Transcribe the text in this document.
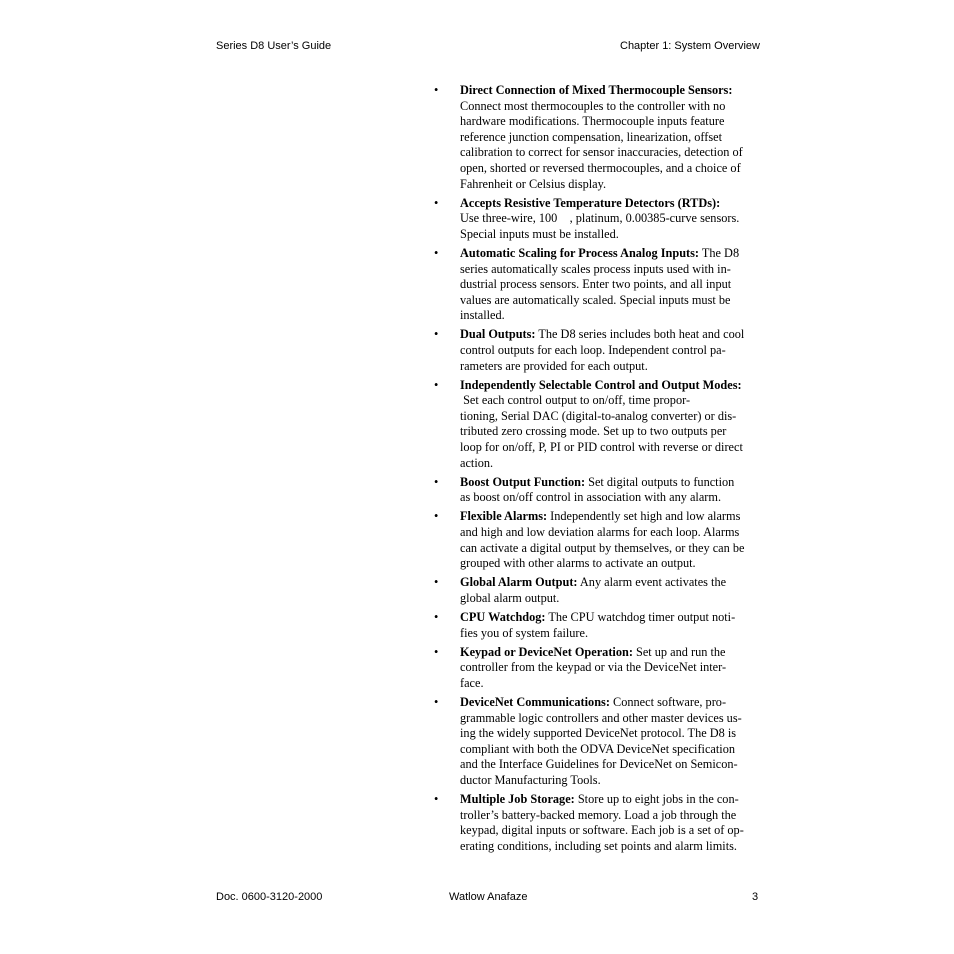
Series D8 User’s Guide	Chapter 1: System Overview
•	Direct Connection of Mixed Thermocouple Sensors:
Connect most thermocouples to the controller with no
hardware modifications. Thermocouple inputs feature
reference junction compensation, linearization, offset
calibration to correct for sensor inaccuracies, detection of
open, shorted or reversed thermocouples, and a choice of
Fahrenheit or Celsius display.
•	Accepts Resistive Temperature Detectors (RTDs):
Use three-wire, 100    , platinum, 0.00385-curve sensors.
Special inputs must be installed.
•	Automatic Scaling for Process Analog Inputs: The D8
series automatically scales process inputs used with in-
dustrial process sensors. Enter two points, and all input
values are automatically scaled. Special inputs must be
installed.
•	Dual Outputs: The D8 series includes both heat and cool
control outputs for each loop. Independent control pa-
rameters are provided for each output.
•	Independently Selectable Control and Output Modes: Set each control output to on/off, time propor-
tioning, Serial DAC (digital-to-analog converter) or dis-
tributed zero crossing mode. Set up to two outputs per
loop for on/off, P, PI or PID control with reverse or direct
action.
•	Boost Output Function: Set digital outputs to function
as boost on/off control in association with any alarm.
•	Flexible Alarms: Independently set high and low alarms
and high and low deviation alarms for each loop. Alarms
can activate a digital output by themselves, or they can be
grouped with other alarms to activate an output.
•	Global Alarm Output: Any alarm event activates the
global alarm output.
•	CPU Watchdog: The CPU watchdog timer output noti-
fies you of system failure.
•	Keypad or DeviceNet Operation: Set up and run the
controller from the keypad or via the DeviceNet inter-
face.
•	DeviceNet Communications: Connect software, pro-
grammable logic controllers and other master devices us-
ing the widely supported DeviceNet protocol. The D8 is
compliant with both the ODVA DeviceNet specification
and the Interface Guidelines for DeviceNet on Semicon-
ductor Manufacturing Tools.
•	Multiple Job Storage: Store up to eight jobs in the con-
troller’s battery-backed memory. Load a job through the
keypad, digital inputs or software. Each job is a set of op-
erating conditions, including set points and alarm limits.
Doc. 0600-3120-2000	Watlow Anafaze	3
